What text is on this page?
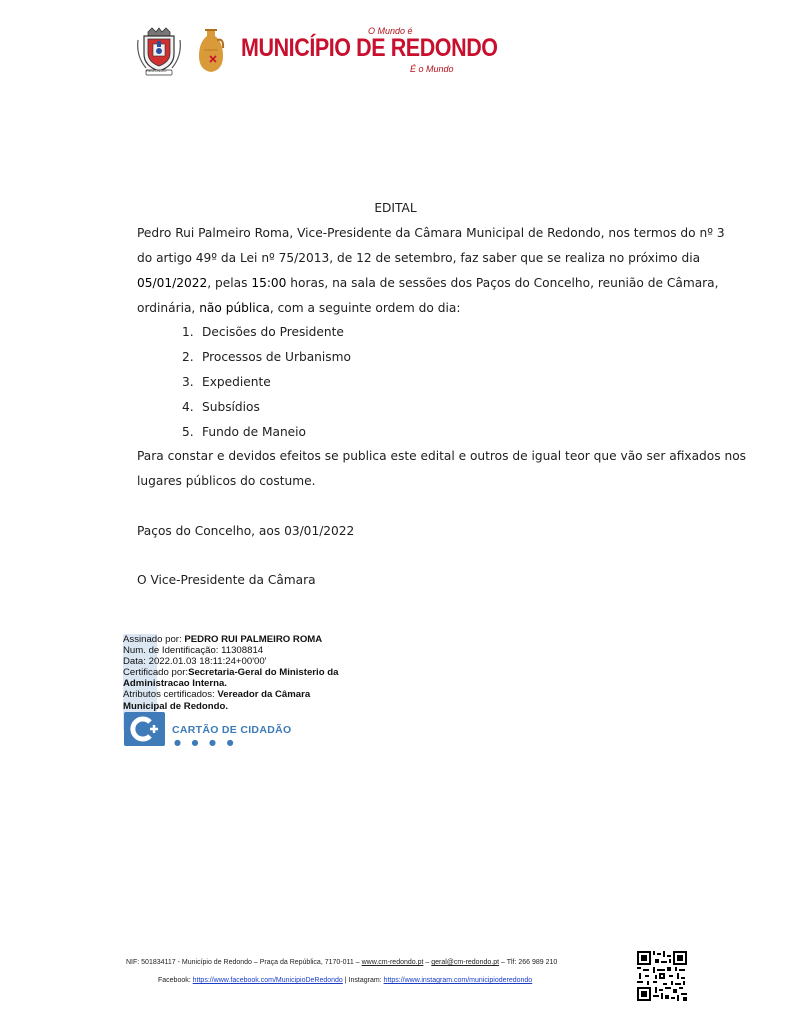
REDONDO
O Mundo é
MUNICÍPIO DE REDONDO
É o Mundo
EDITAL
Pedro Rui Palmeiro Roma, Vice-Presidente da Câmara Municipal de Redondo, nos termos do nº 3
do artigo 49º da Lei nº 75/2013, de 12 de setembro, faz saber que se realiza no próximo dia
05/01/2022, pelas 15:00 horas, na sala de sessões dos Paços do Concelho, reunião de Câmara,
ordinária, não pública, com a seguinte ordem do dia:
1. Decisões do Presidente
2. Processos de Urbanismo
3. Expediente
4. Subsídios
5. Fundo de Maneio
Para constar e devidos efeitos se publica este edital e outros de igual teor que vão ser afixados nos
lugares públicos do costume.
Paços do Concelho, aos 03/01/2022
O Vice-Presidente da Câmara
Assinado por: PEDRO RUI PALMEIRO ROMA
Num. de Identificação: 11308814
Data: 2022.01.03 18:11:24+00'00'
Certificado por:Secretaria-Geral do Ministerio da
Administracao Interna.
Atributos certificados: Vereador da Câmara
Municipal de Redondo.
CARTÃO DE CIDADÃO
● ● ● ●
NIF: 501834117 - Município de Redondo – Praça da República, 7170-011 – www.cm-redondo.pt – geral@cm-redondo.pt – Tlf: 266 989 210
Facebook: https://www.facebook.com/MunicipioDeRedondo | Instagram: https://www.instagram.com/municipioderedondo
